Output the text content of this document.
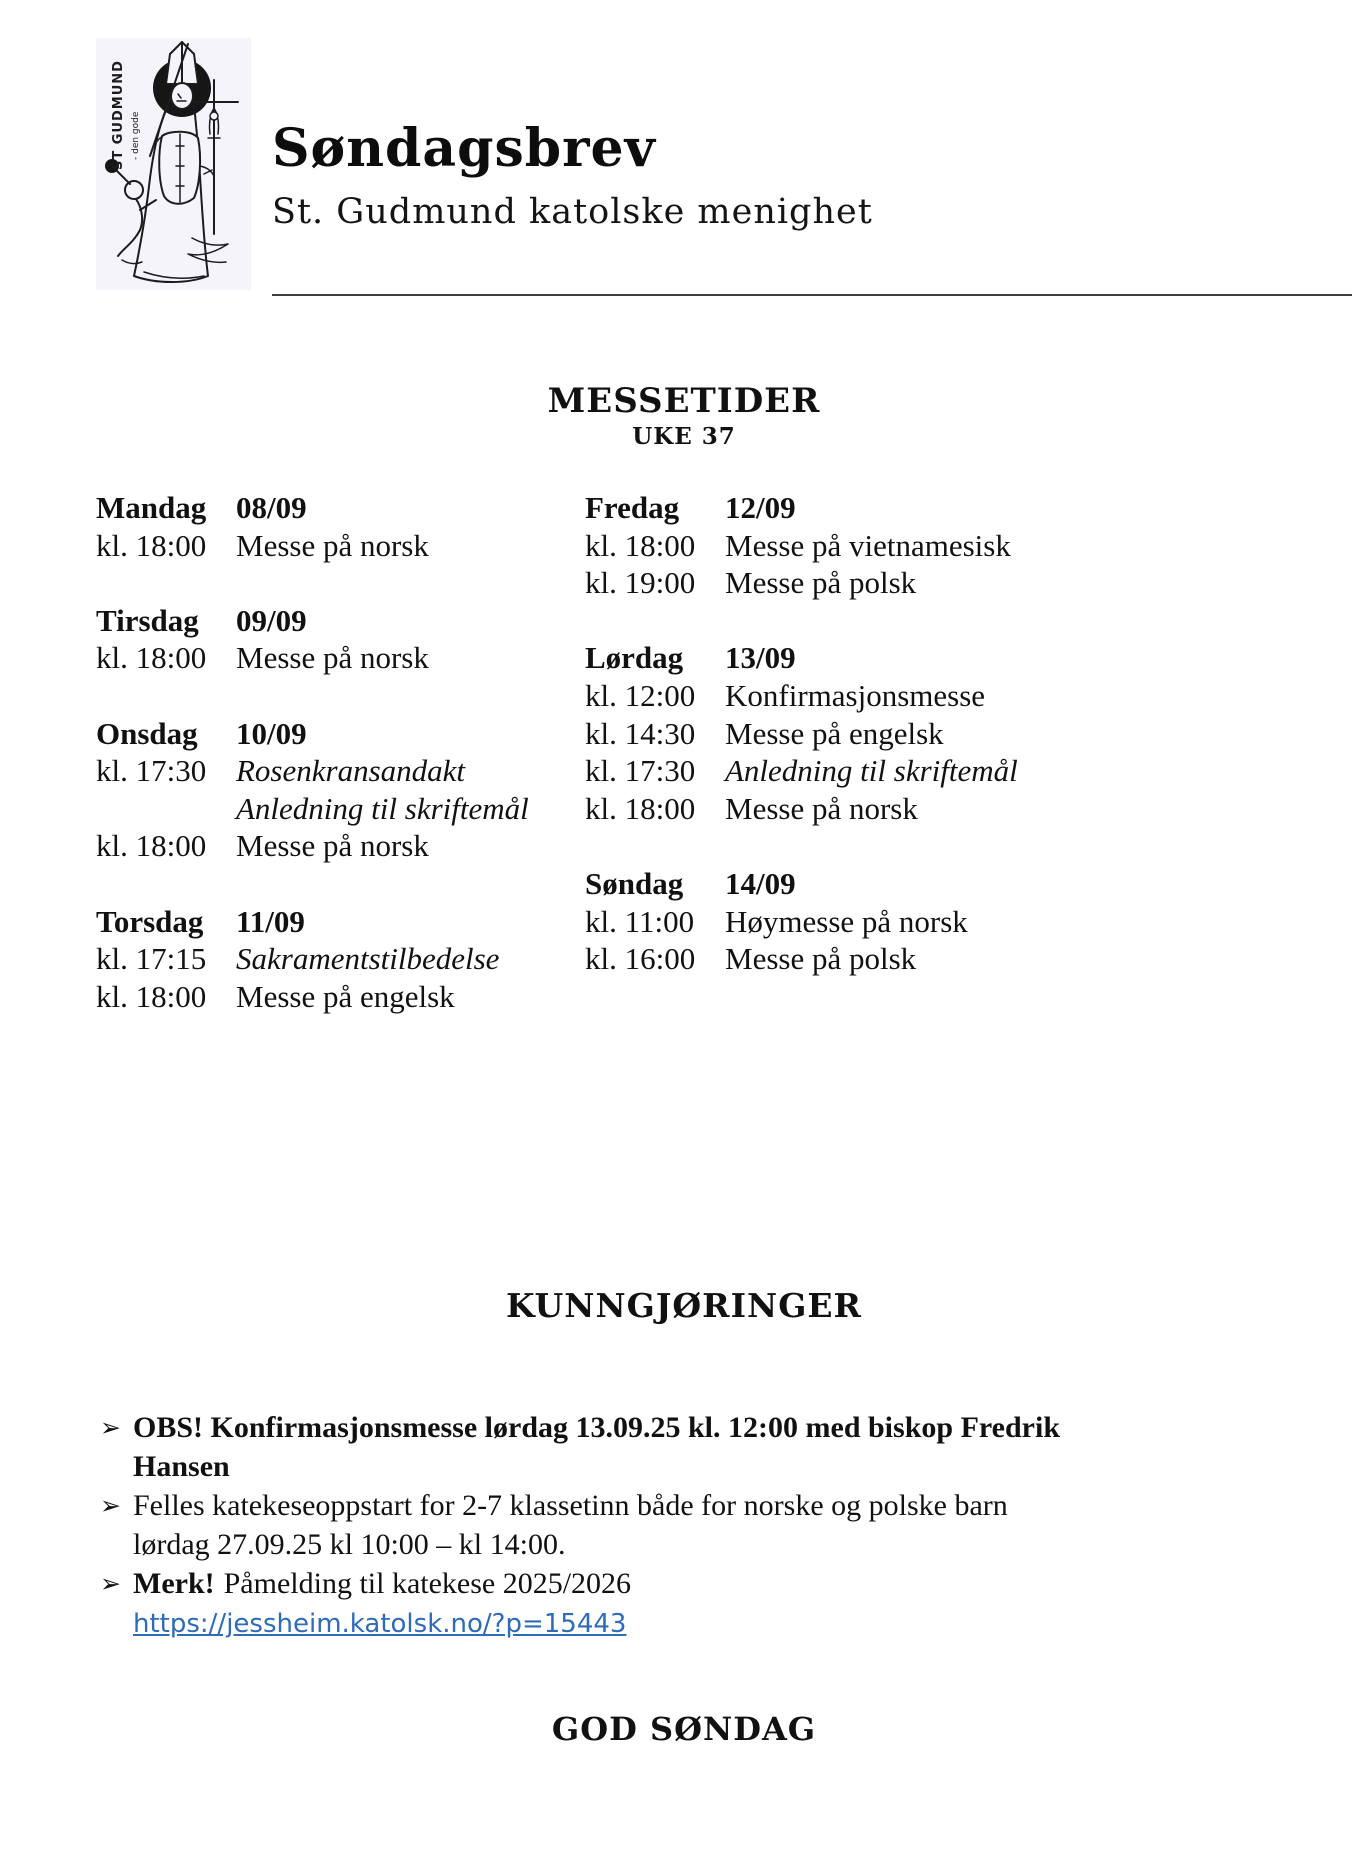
ST GUDMUND - den gode	Søndagsbrev
St. Gudmund katolske menighet
MESSETIDER
UKE 37
Mandag 08/09
kl. 18:00 Messe på norsk
Tirsdag	09/09
kl. 18:00 Messe på norsk
Onsdag	10/09
kl. 17:30 Rosenkransandakt
Anledning til skriftemål
kl. 18:00 Messe på norsk
Torsdag	11/09
kl. 17:15 Sakramentstilbedelse
kl. 18:00 Messe på engelsk
Fredag	12/09
kl. 18:00 Messe på vietnamesisk
kl. 19:00 Messe på polsk
Lørdag	13/09
kl. 12:00 Konfirmasjonsmesse
kl. 14:30 Messe på engelsk
kl. 17:30 Anledning til skriftemål
kl. 18:00 Messe på norsk
Søndag	14/09
kl. 11:00 Høymesse på norsk
kl. 16:00 Messe på polsk
KUNNGJØRINGER
➢ OBS! Konfirmasjonsmesse lørdag 13.09.25 kl. 12:00 med biskop Fredrik Hansen
➢ Felles katekeseoppstart for 2-7 klassetinn både for norske og polske barn lørdag 27.09.25 kl 10:00 – kl 14:00.
➢ Merk! Påmelding til katekese 2025/2026
https://jessheim.katolsk.no/?p=15443
GOD SØNDAG
